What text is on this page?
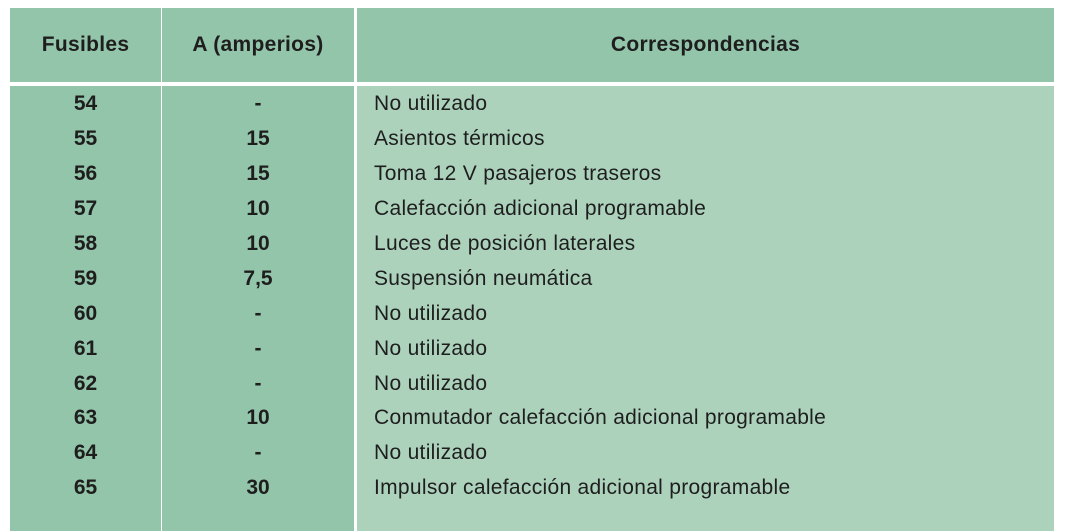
Fusibles	A (amperios)	Correspondencias
54	-	No utilizado
55	15	Asientos térmicos
56	15	Toma 12 V pasajeros traseros
57	10	Calefacción adicional programable
58	10	Luces de posición laterales
59	7,5	Suspensión neumática
60	-	No utilizado
61	-	No utilizado
62	-	No utilizado
63	10	Conmutador calefacción adicional programable
64	-	No utilizado
65	30	Impulsor calefacción adicional programable
